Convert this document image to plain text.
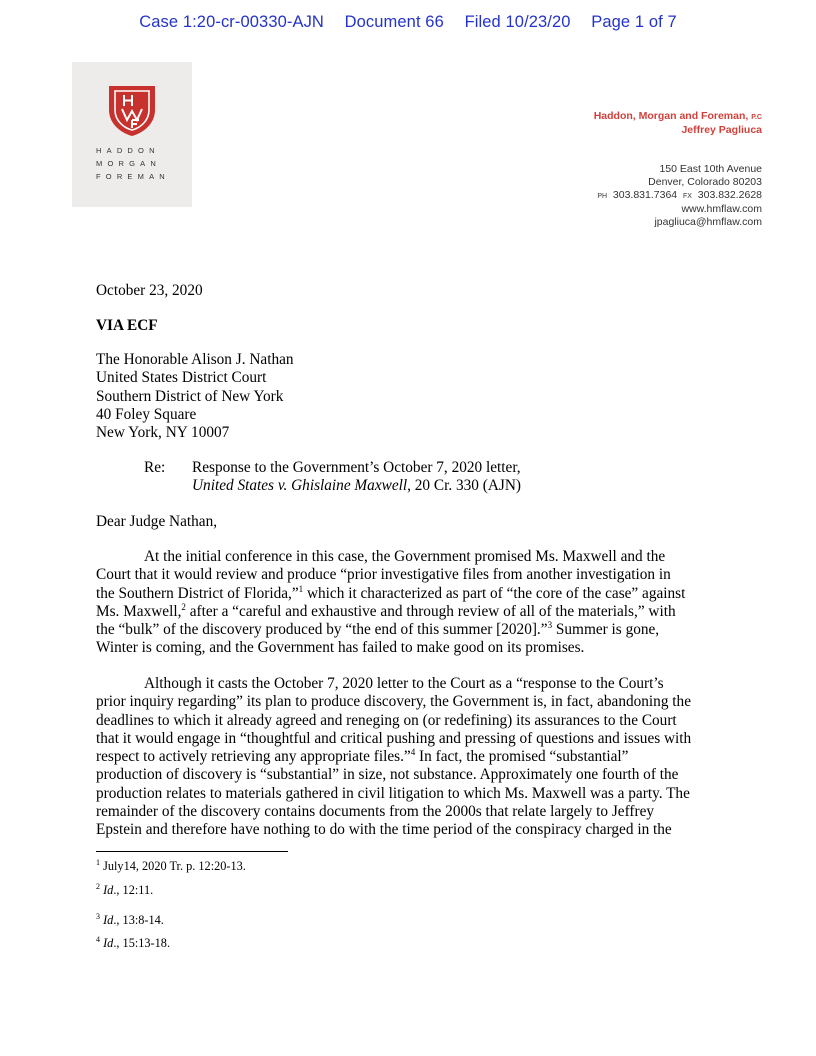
Case 1:20-cr-00330-AJN Document 66 Filed 10/23/20 Page 1 of 7
HADDON
MORGAN
FOREMAN
Haddon, Morgan and Foreman, P.C
Jeffrey Pagliuca
150 East 10th Avenue
Denver, Colorado 80203
PH 303.831.7364 FX 303.832.2628
www.hmflaw.com
jpagliuca@hmflaw.com
October 23, 2020
VIA ECF
The Honorable Alison J. Nathan
United States District Court
Southern District of New York
40 Foley Square
New York, NY 10007
Re: Response to the Government’s October 7, 2020 letter,
United States v. Ghislaine Maxwell, 20 Cr. 330 (AJN)
Dear Judge Nathan,
At the initial conference in this case, the Government promised Ms. Maxwell and the
Court that it would review and produce “prior investigative files from another investigation in
the Southern District of Florida,”$^1$ which it characterized as part of “the core of the case” against
Ms. Maxwell,$^2$ after a “careful and exhaustive and through review of all of the materials,” with
the “bulk” of the discovery produced by “the end of this summer [2020].”$^3$ Summer is gone,
Winter is coming, and the Government has failed to make good on its promises.
Although it casts the October 7, 2020 letter to the Court as a “response to the Court’s
prior inquiry regarding” its plan to produce discovery, the Government is, in fact, abandoning the
deadlines to which it already agreed and reneging on (or redefining) its assurances to the Court
that it would engage in “thoughtful and critical pushing and pressing of questions and issues with
respect to actively retrieving any appropriate files.”$^4$ In fact, the promised “substantial”
production of discovery is “substantial” in size, not substance. Approximately one fourth of the
production relates to materials gathered in civil litigation to which Ms. Maxwell was a party. The
remainder of the discovery contains documents from the 2000s that relate largely to Jeffrey
Epstein and therefore have nothing to do with the time period of the conspiracy charged in the
$^1$ July14, 2020 Tr. p. 12:20-13.
$^2$ Id., 12:11.
$^3$ Id., 13:8-14.
$^4$ Id., 15:13-18.
